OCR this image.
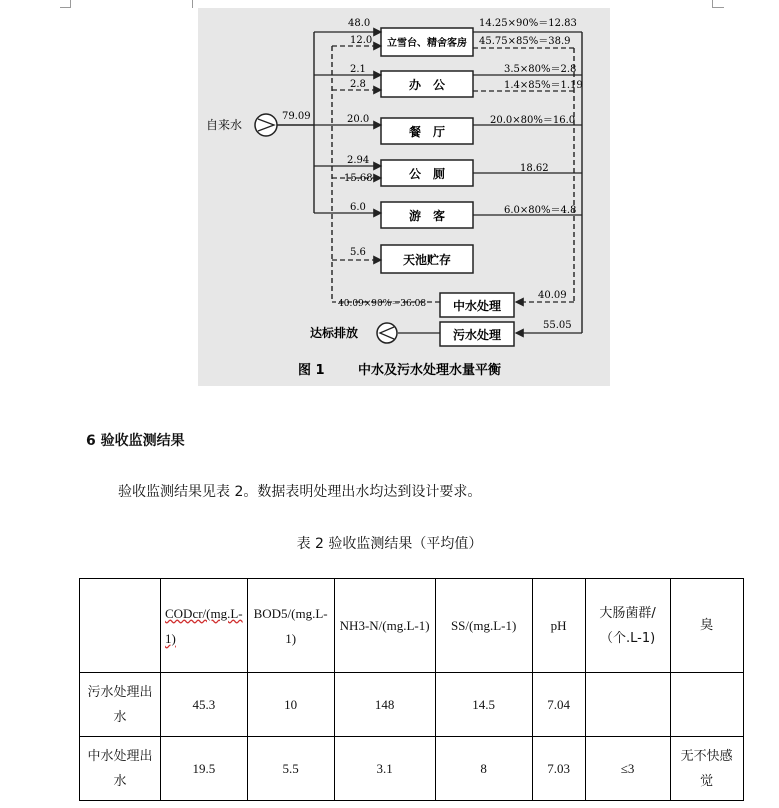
自来水
79.09
立雪台、精舍客房
办　公
餐　厅
公　厕
游　客
天池贮存
48.0
12.0
2.1
2.8
20.0
2.94
15.68
6.0
5.6
14.25×90%＝12.83
45.75×85%＝38.9
3.5×80%＝2.8
1.4×85%＝1.19
20.0×80%＝16.0
18.62
6.0×80%＝4.8
中水处理
污水处理
40.09
55.05
40.09×90%＝36.08
达标排放
图 1	中水及污水处理水量平衡
6 验收监测结果
验收监测结果见表 2。数据表明处理出水均达到设计要求。
表 2 验收监测结果（平均值）
	CODcr/(mg.L-1)	BOD5/(mg.L-1)	NH3-N/(mg.L-1)	SS/(mg.L-1)	pH	大肠菌群/（个.L-1)	臭
污水处理出水	45.3	10	148	14.5	7.04		
中水处理出水	19.5	5.5	3.1	8	7.03	≤3	无不快感觉
